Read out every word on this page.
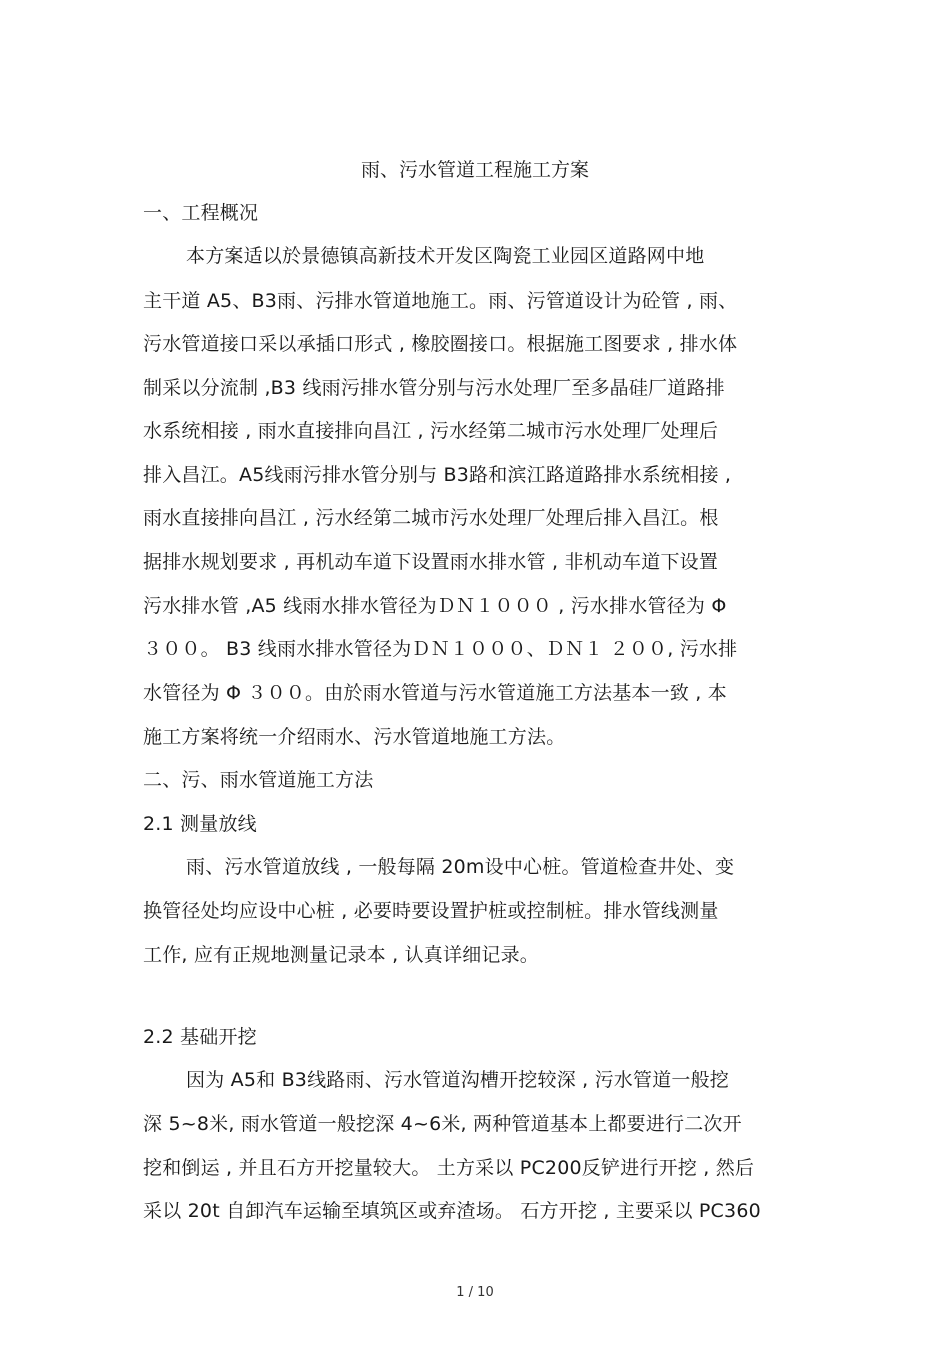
雨、污水管道工程施工方案
一、工程概况
本方案适以於景德镇高新技术开发区陶瓷工业园区道路网中地
主干道 A5、B3雨、污排水管道地施工。雨、污管道设计为砼管 , 雨、
污水管道接口采以承插口形式 , 橡胶圈接口。根据施工图要求 , 排水体
制采以分流制 ,B3 线雨污排水管分别与污水处理厂至多晶硅厂道路排
水系统相接 , 雨水直接排向昌江 , 污水经第二城市污水处理厂处理后
排入昌江。A5线雨污排水管分别与 B3路和滨江路道路排水系统相接 ,
雨水直接排向昌江 , 污水经第二城市污水处理厂处理后排入昌江。根
据排水规划要求 , 再机动车道下设置雨水排水管 , 非机动车道下设置
污水排水管 ,A5 线雨水排水管径为ＤＮ１０００ , 污水排水管径为 Φ
３００。 B3 线雨水排水管径为ＤＮ１０００、ＤＮ１ ２００, 污水排
水管径为 Φ ３００。由於雨水管道与污水管道施工方法基本一致 , 本
施工方案将统一介绍雨水、污水管道地施工方法。
二、污、雨水管道施工方法
2.1 测量放线
雨、污水管道放线 , 一般每隔 20m设中心桩。管道检查井处、变
换管径处均应设中心桩 , 必要時要设置护桩或控制桩。排水管线测量
工作, 应有正规地测量记录本 , 认真详细记录。
2.2 基础开挖
因为 A5和 B3线路雨、污水管道沟槽开挖较深 , 污水管道一般挖
深 5~8米, 雨水管道一般挖深 4~6米, 两种管道基本上都要进行二次开
挖和倒运 , 并且石方开挖量较大。 土方采以 PC200反铲进行开挖 , 然后
采以 20t 自卸汽车运输至填筑区或弃渣场。 石方开挖 , 主要采以 PC360
1 / 10
